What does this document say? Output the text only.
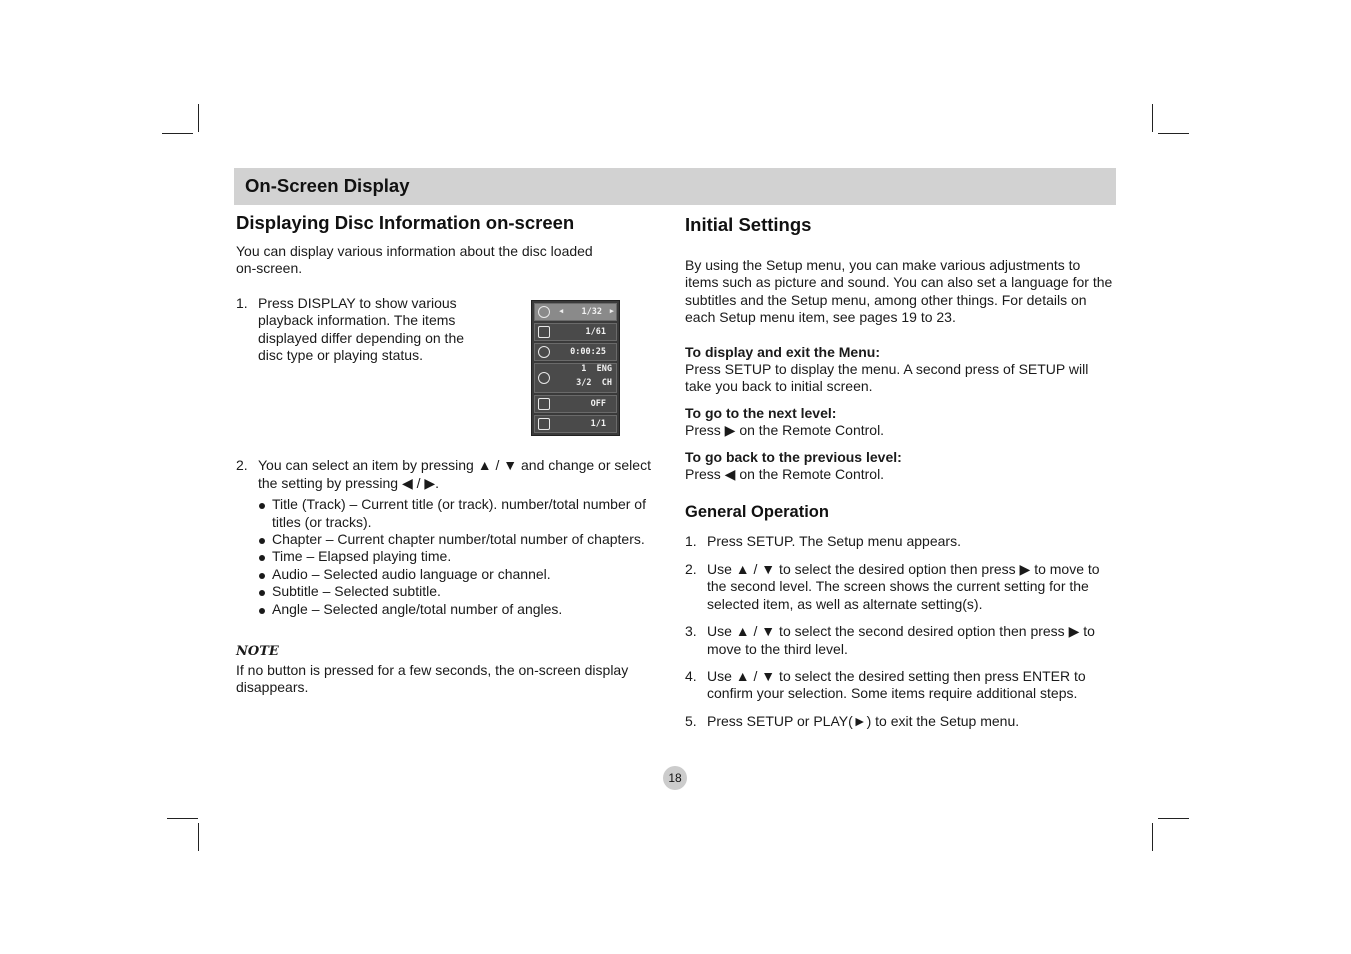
On-Screen Display
Displaying Disc Information on-screen

You can display various information about the disc loaded on-screen.

1. Press DISPLAY to show various playback information. The items displayed differ depending on the disc type or playing status.
2. You can select an item by pressing ▲ / ▼ and change or select the setting by pressing ◀ / ▶.
Title (Track) – Current title (or track). number/total number of titles (or tracks).
Chapter – Current chapter number/total number of chapters.
Time – Elapsed playing time.
Audio – Selected audio language or channel.
Subtitle – Selected subtitle.
Angle – Selected angle/total number of angles.
NOTE

If no button is pressed for a few seconds, the on-screen display disappears.

◀ 1/32 ▶
1/61
0:00:25
1  ENG
3/2  CH
OFF
1/1
Initial Settings

By using the Setup menu, you can make various adjustments to items such as picture and sound. You can also set a language for the subtitles and the Setup menu, among other things. For details on each Setup menu item, see pages 19 to 23.

To display and exit the Menu:

Press SETUP to display the menu. A second press of SETUP will take you back to initial screen.

To go to the next level:

Press ▶ on the Remote Control.

To go back to the previous level:

Press ◀ on the Remote Control.

General Operation
1. Press SETUP. The Setup menu appears.
2. Use ▲ / ▼ to select the desired option then press ▶ to move to the second level. The screen shows the current setting for the selected item, as well as alternate setting(s).
3. Use ▲ / ▼ to select the second desired option then press ▶ to move to the third level.
4. Use ▲ / ▼ to select the desired setting then press ENTER to confirm your selection. Some items require additional steps.
5. Press SETUP or PLAY(►) to exit the Setup menu.
18
